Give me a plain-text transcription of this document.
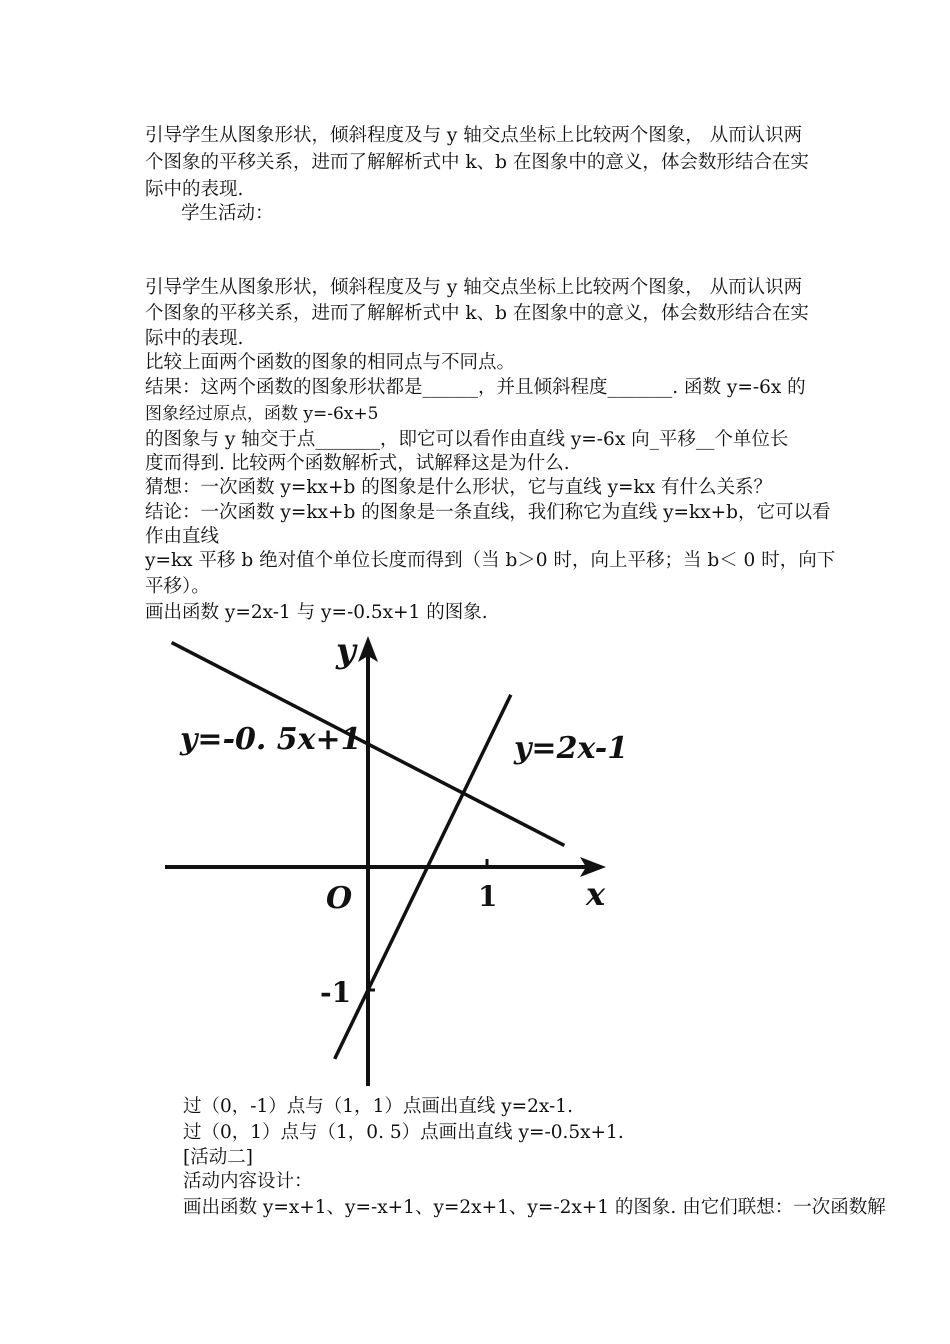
引导学生从图象形状，倾斜程度及与 y 轴交点坐标上比较两个图象， 从而认识两
个图象的平移关系，进而了解解析式中 k、b 在图象中的意义，体会数形结合在实
际中的表现.
学生活动：
引导学生从图象形状，倾斜程度及与 y 轴交点坐标上比较两个图象， 从而认识两
个图象的平移关系，进而了解解析式中 k、b 在图象中的意义，体会数形结合在实
际中的表现.
比较上面两个函数的图象的相同点与不同点。
结果：这两个函数的图象形状都是______，并且倾斜程度_______. 函数 y=-6x 的
图象经过原点，函数 y=-6x+5
的图象与 y 轴交于点_______，即它可以看作由直线 y=-6x 向_平移__个单位长
度而得到. 比较两个函数解析式，试解释这是为什么.
猜想：一次函数 y=kx+b 的图象是什么形状，它与直线 y=kx 有什么关系？
结论：一次函数 y=kx+b 的图象是一条直线，我们称它为直线 y=kx+b，它可以看
作由直线
y=kx 平移 b 绝对值个单位长度而得到（当 b＞0 时，向上平移；当 b＜ 0 时，向下
平移）。
画出函数 y=2x-1 与 y=-0.5x+1 的图象.
y
x
O	1
-1
y=-0. 5x+1	y=2x-1
过（0，-1）点与（1，1）点画出直线 y=2x-1.
过（0，1）点与（1，0. 5）点画出直线 y=-0.5x+1.
[活动二]
活动内容设计：
画出函数 y=x+1、y=-x+1、y=2x+1、y=-2x+1 的图象. 由它们联想：一次函数解
